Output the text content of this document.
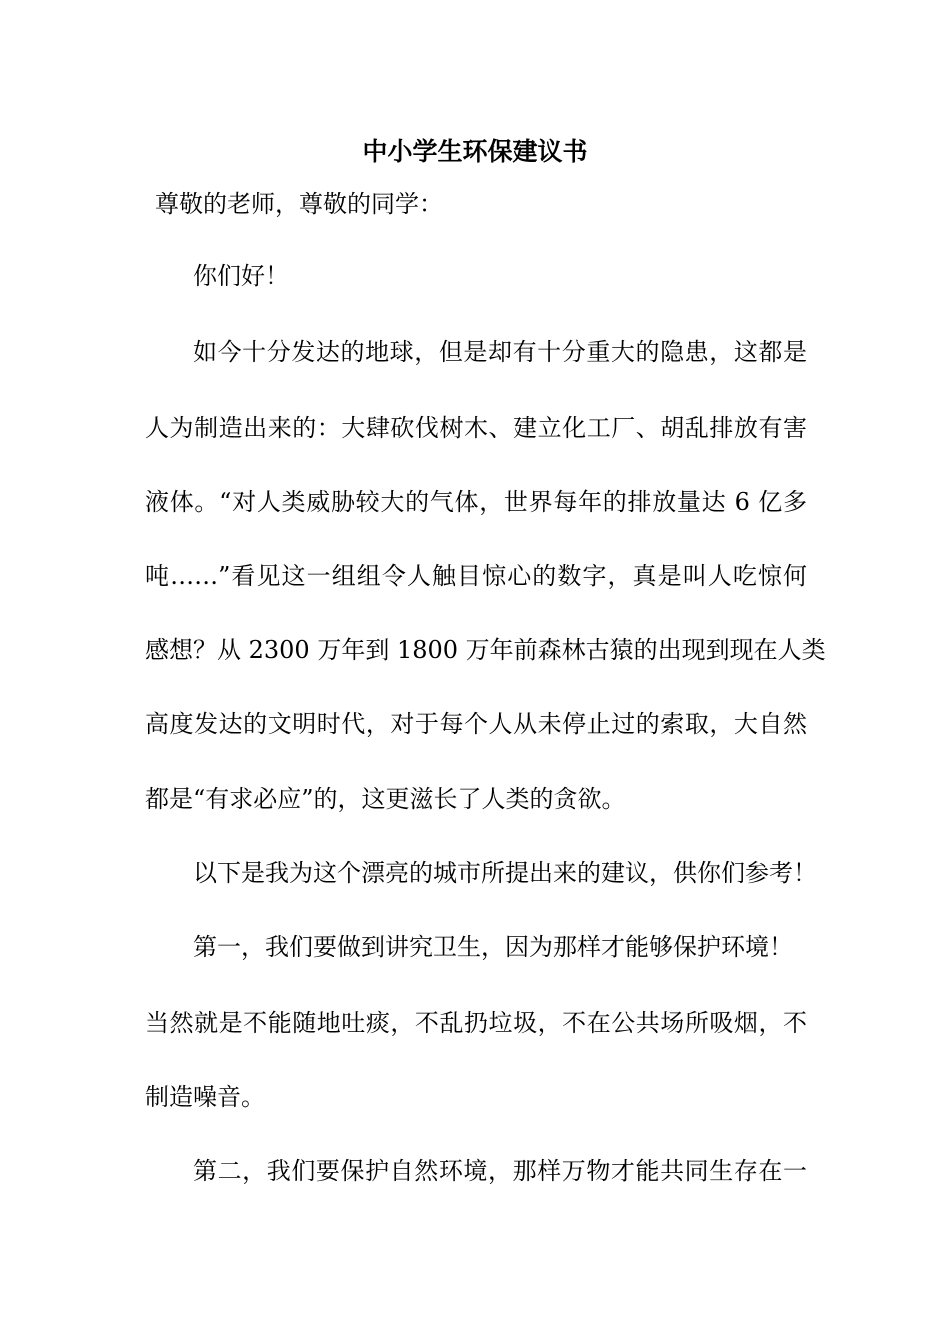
中小学生环保建议书
尊敬的老师，尊敬的同学：
你们好！
如今十分发达的地球，但是却有十分重大的隐患，这都是
人为制造出来的：大肆砍伐树木、建立化工厂、胡乱排放有害
液体。“对人类威胁较大的气体，世界每年的排放量达 6 亿多
吨……”看见这一组组令人触目惊心的数字，真是叫人吃惊何
感想？从 2300 万年到 1800 万年前森林古猿的出现到现在人类
高度发达的文明时代，对于每个人从未停止过的索取，大自然
都是“有求必应”的，这更滋长了人类的贪欲。
以下是我为这个漂亮的城市所提出来的建议，供你们参考！
第一，我们要做到讲究卫生，因为那样才能够保护环境！
当然就是不能随地吐痰，不乱扔垃圾，不在公共场所吸烟，不
制造噪音。
第二，我们要保护自然环境，那样万物才能共同生存在一
